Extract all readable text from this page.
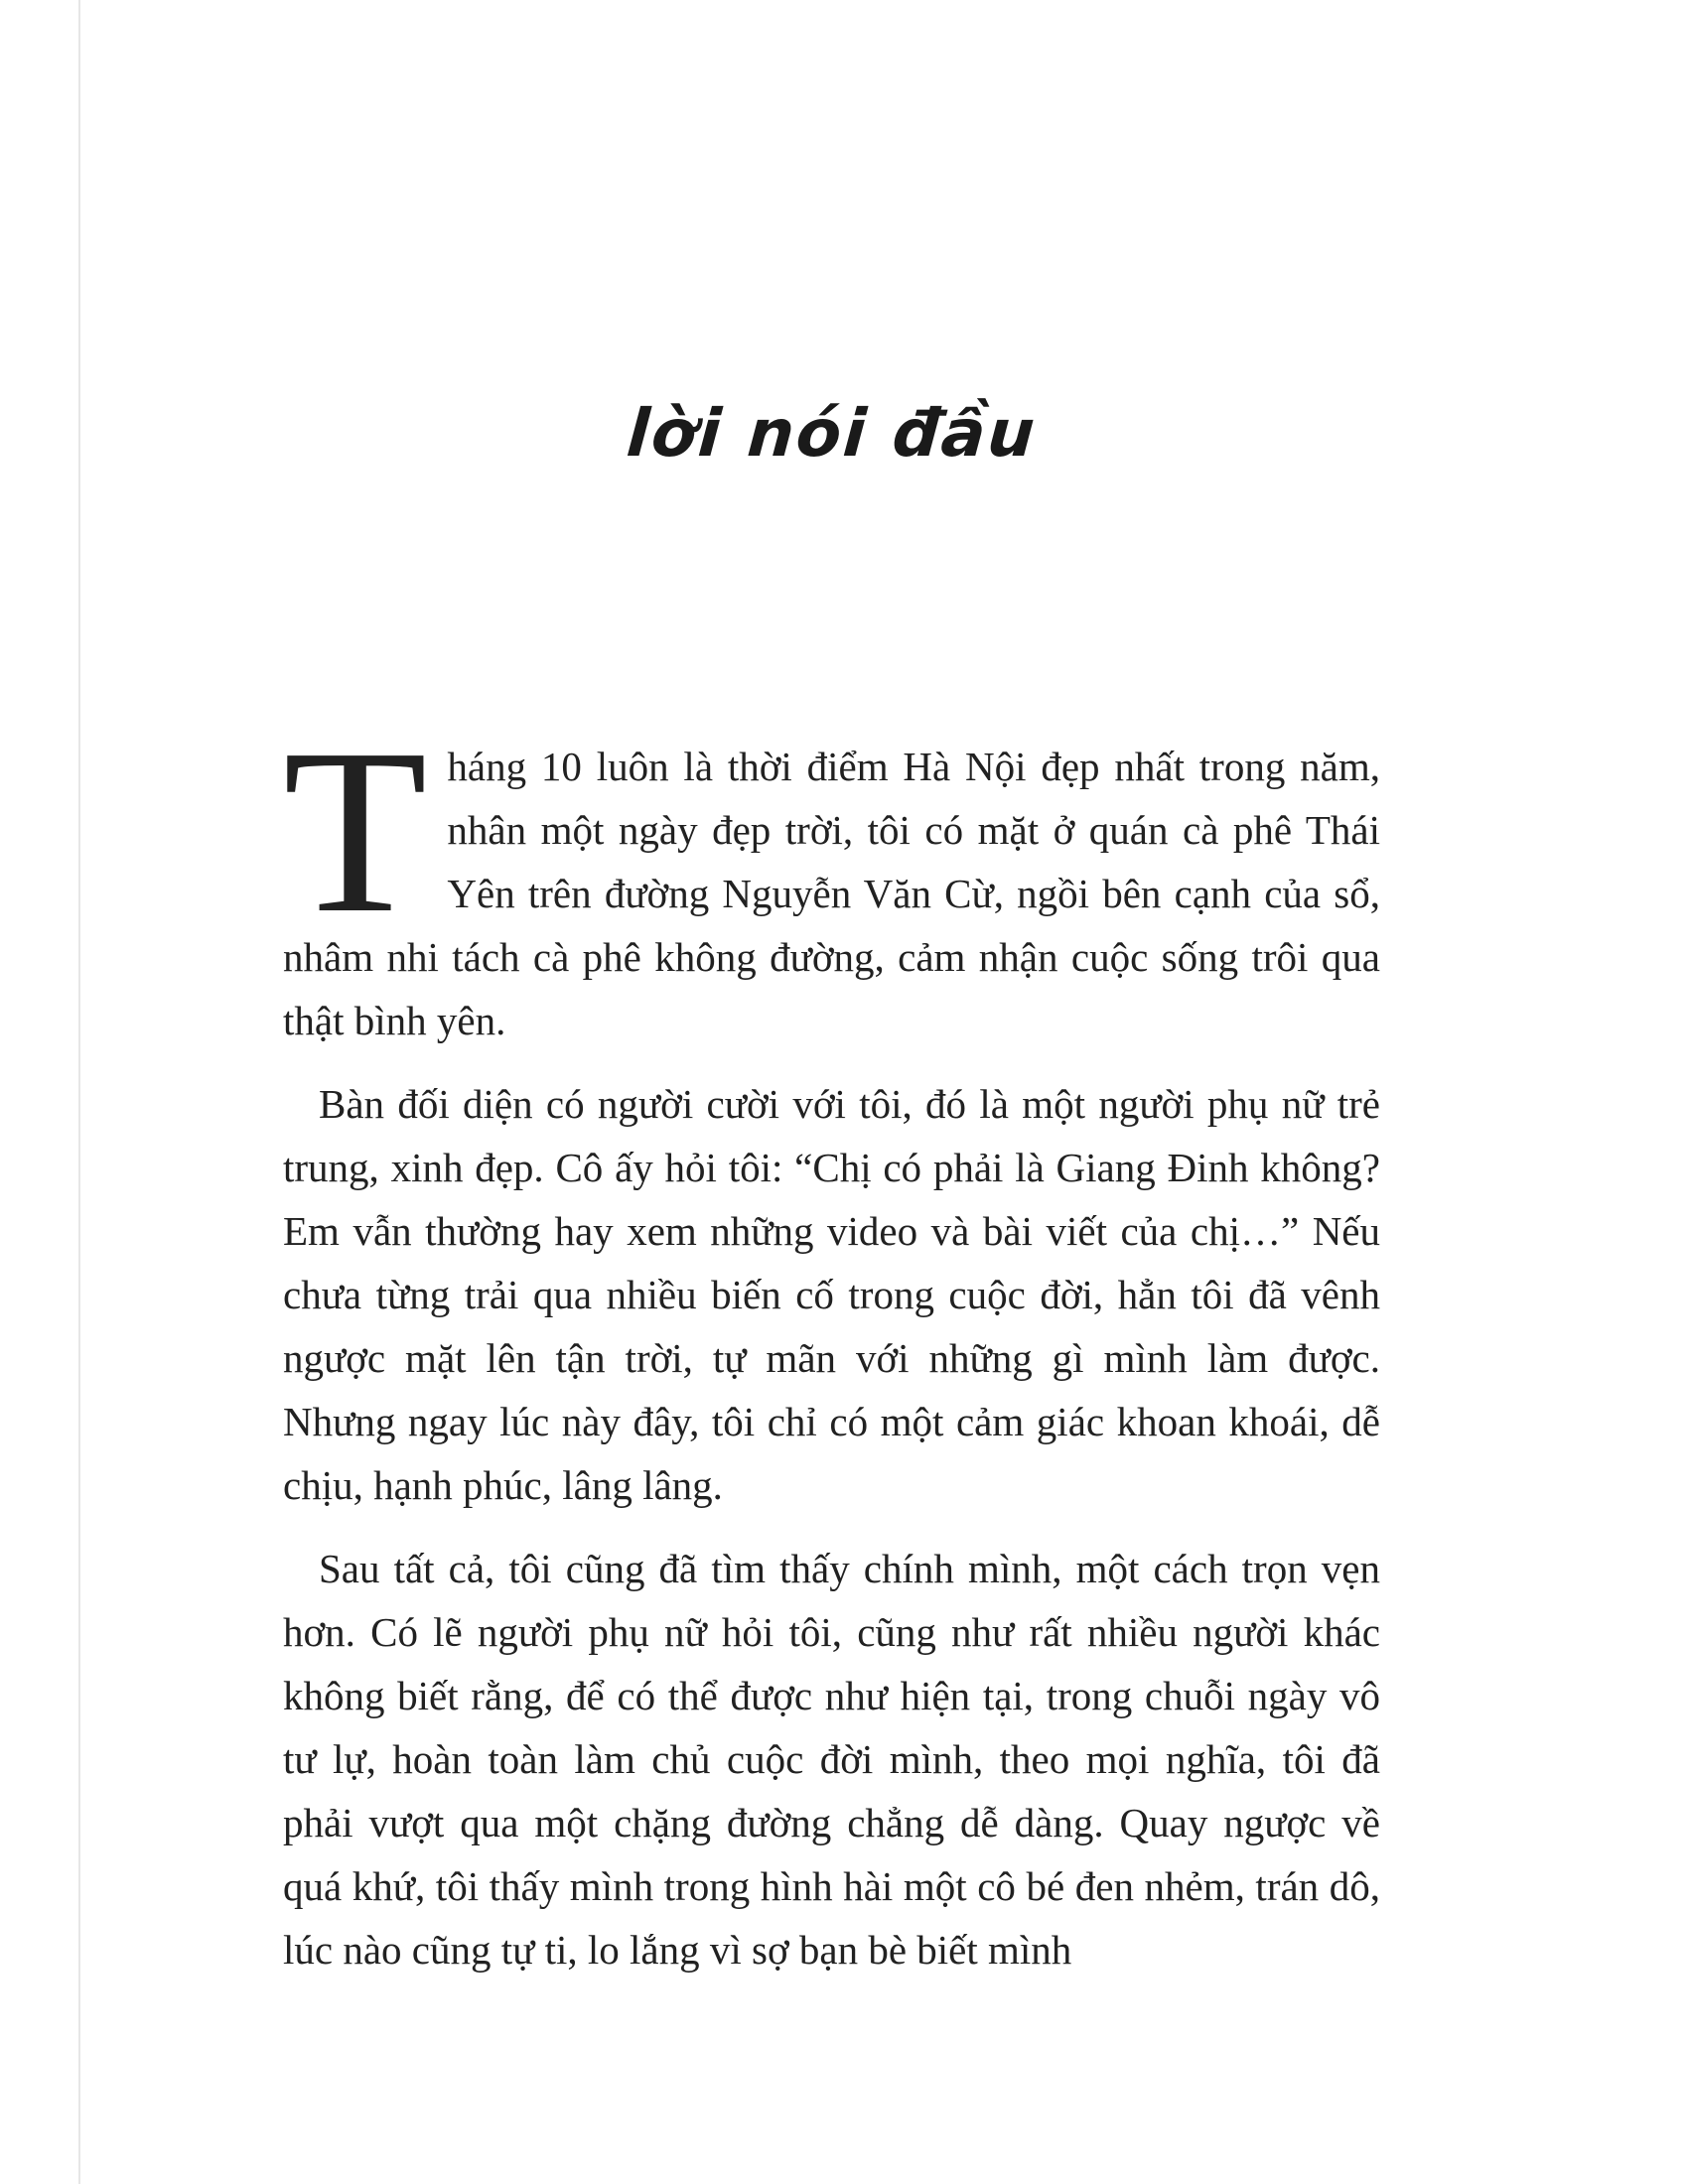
lời nói đầu

Tháng 10 luôn là thời điểm Hà Nội đẹp nhất trong năm, nhân một ngày đẹp trời, tôi có mặt ở quán cà phê Thái Yên trên đường Nguyễn Văn Cừ, ngồi bên cạnh của sổ, nhâm nhi tách cà phê không đường, cảm nhận cuộc sống trôi qua thật bình yên.

Bàn đối diện có người cười với tôi, đó là một người phụ nữ trẻ trung, xinh đẹp. Cô ấy hỏi tôi: “Chị có phải là Giang Đinh không? Em vẫn thường hay xem những video và bài viết của chị…” Nếu chưa từng trải qua nhiều biến cố trong cuộc đời, hẳn tôi đã vênh ngược mặt lên tận trời, tự mãn với những gì mình làm được. Nhưng ngay lúc này đây, tôi chỉ có một cảm giác khoan khoái, dễ chịu, hạnh phúc, lâng lâng.

Sau tất cả, tôi cũng đã tìm thấy chính mình, một cách trọn vẹn hơn. Có lẽ người phụ nữ hỏi tôi, cũng như rất nhiều người khác không biết rằng, để có thể được như hiện tại, trong chuỗi ngày vô tư lự, hoàn toàn làm chủ cuộc đời mình, theo mọi nghĩa, tôi đã phải vượt qua một chặng đường chẳng dễ dàng. Quay ngược về quá khứ, tôi thấy mình trong hình hài một cô bé đen nhẻm, trán dô, lúc nào cũng tự ti, lo lắng vì sợ bạn bè biết mình
